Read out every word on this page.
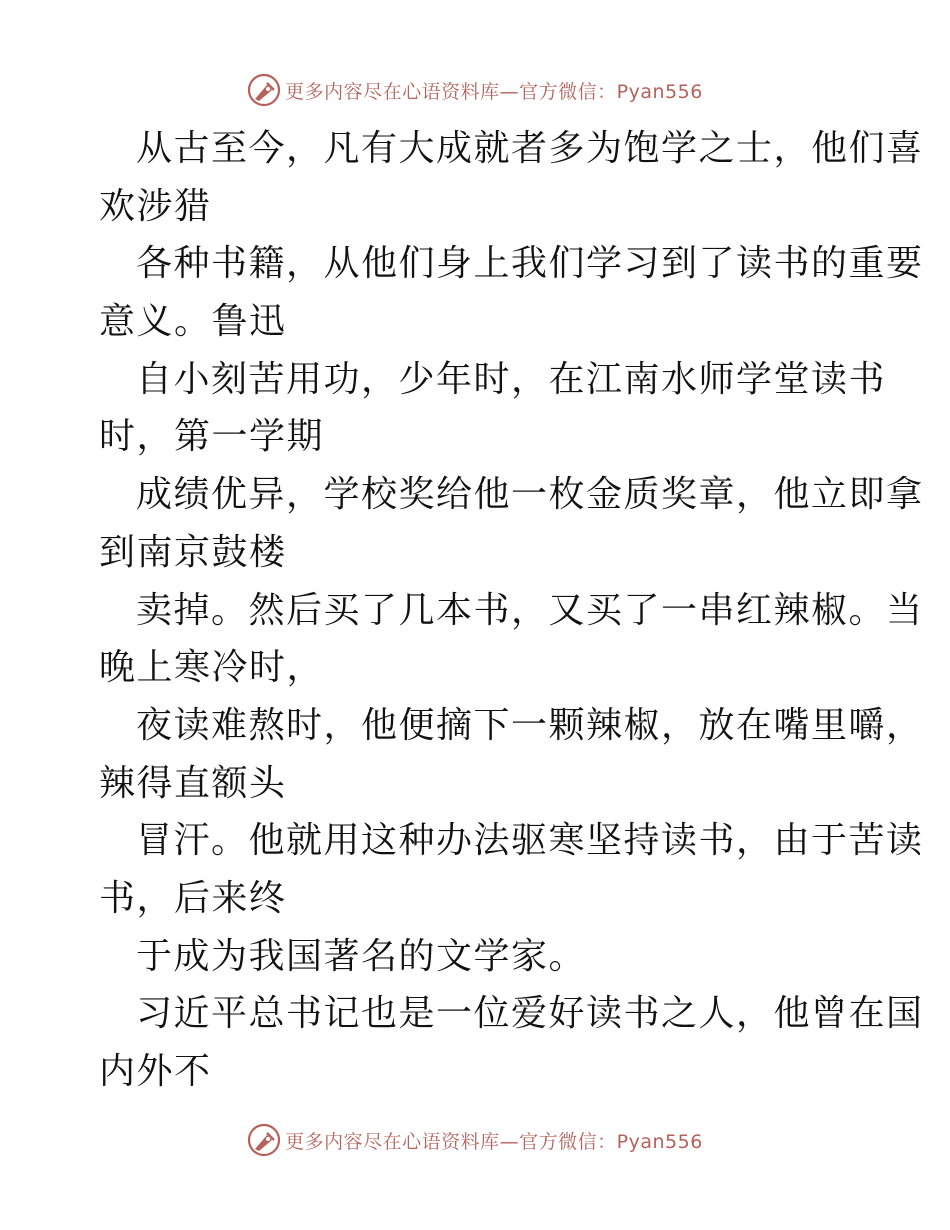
更多内容尽在心语资料库—官方微信：Pyan556
从古至今，凡有大成就者多为饱学之士，他们喜
欢涉猎
各种书籍，从他们身上我们学习到了读书的重要
意义。鲁迅
自小刻苦用功，少年时，在江南水师学堂读书
时，第一学期
成绩优异，学校奖给他一枚金质奖章，他立即拿
到南京鼓楼
卖掉。然后买了几本书，又买了一串红辣椒。当
晚上寒冷时，
夜读难熬时，他便摘下一颗辣椒，放在嘴里嚼，
辣得直额头
冒汗。他就用这种办法驱寒坚持读书，由于苦读
书，后来终
于成为我国著名的文学家。
习近平总书记也是一位爱好读书之人，他曾在国
内外不
更多内容尽在心语资料库—官方微信：Pyan556
